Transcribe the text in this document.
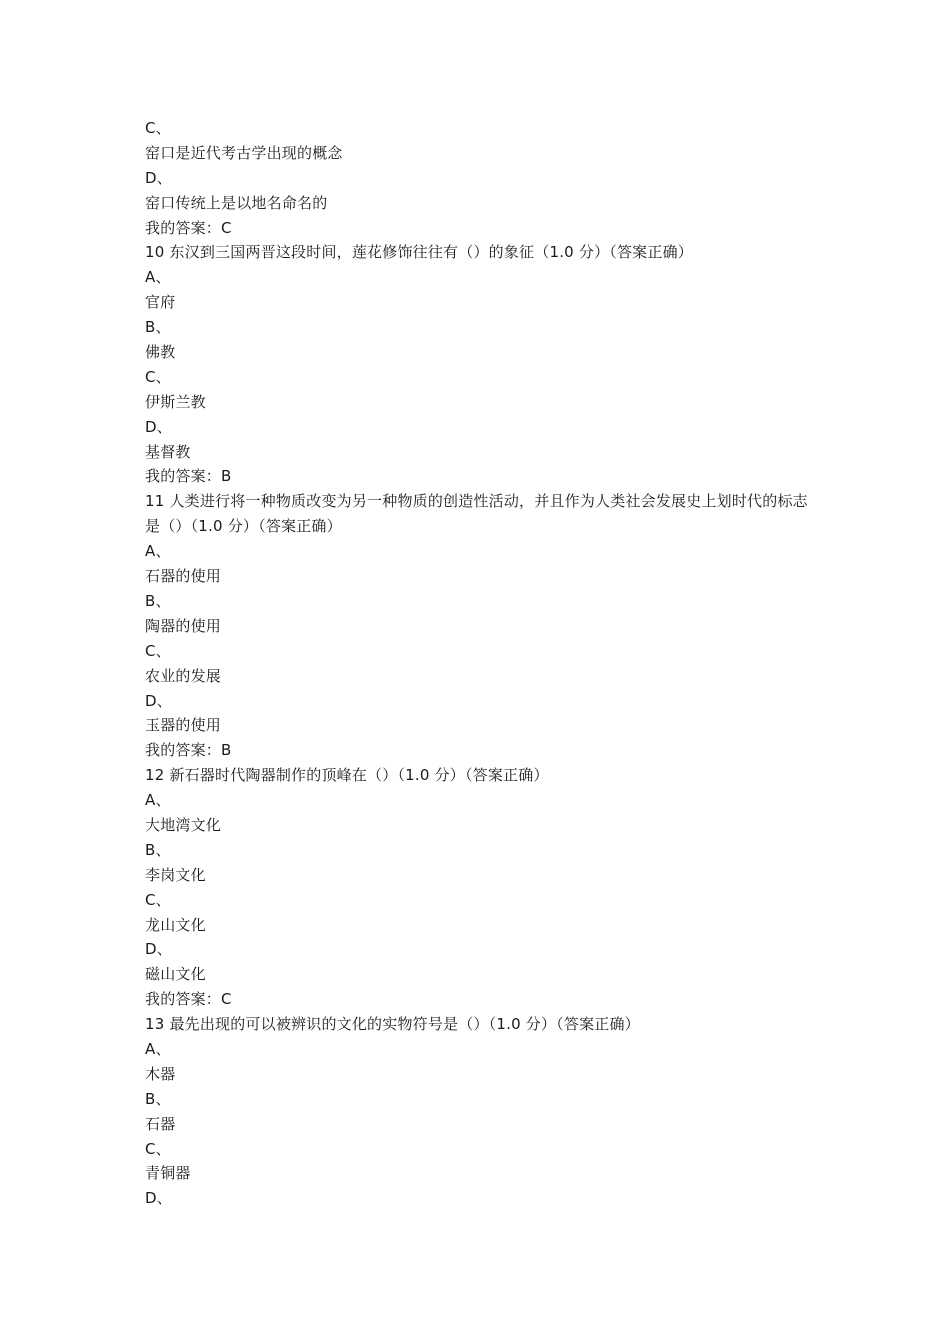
C、
窑口是近代考古学出现的概念
D、
窑口传统上是以地名命名的
我的答案：C
10 东汉到三国两晋这段时间，莲花修饰往往有（）的象征（1.0 分）（答案正确）
A、
官府
B、
佛教
C、
伊斯兰教
D、
基督教
我的答案：B
11 人类进行将一种物质改变为另一种物质的创造性活动，并且作为人类社会发展史上划时代的标志是（）（1.0 分）（答案正确）
A、
石器的使用
B、
陶器的使用
C、
农业的发展
D、
玉器的使用
我的答案：B
12 新石器时代陶器制作的顶峰在（）（1.0 分）（答案正确）
A、
大地湾文化
B、
李岗文化
C、
龙山文化
D、
磁山文化
我的答案：C
13 最先出现的可以被辨识的文化的实物符号是（）（1.0 分）（答案正确）
A、
木器
B、
石器
C、
青铜器
D、
